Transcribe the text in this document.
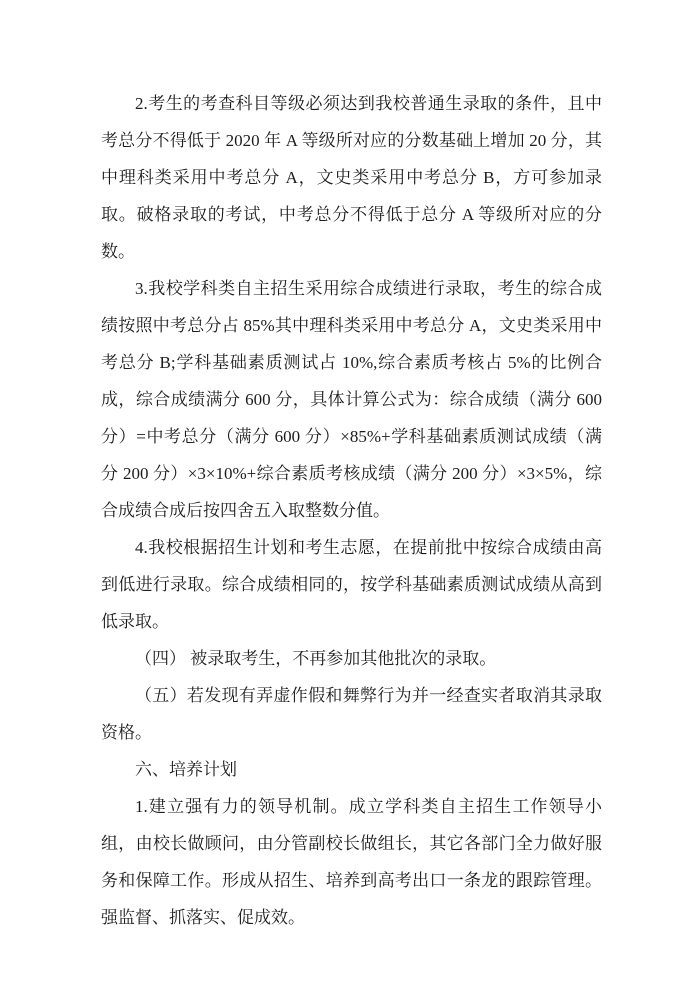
2.考生的考查科目等级必须达到我校普通生录取的条件，且中考总分不得低于 2020 年 A 等级所对应的分数基础上增加 20 分，其中理科类采用中考总分 A，文史类采用中考总分 B，方可参加录取。破格录取的考试，中考总分不得低于总分 A 等级所对应的分数。

3.我校学科类自主招生采用综合成绩进行录取，考生的综合成绩按照中考总分占 85%其中理科类采用中考总分 A，文史类采用中考总分 B;学科基础素质测试占 10%,综合素质考核占 5%的比例合成，综合成绩满分 600 分，具体计算公式为：综合成绩（满分 600 分）=中考总分（满分 600 分）×85%+学科基础素质测试成绩（满分 200 分）×3×10%+综合素质考核成绩（满分 200 分）×3×5%，综合成绩合成后按四舍五入取整数分值。

4.我校根据招生计划和考生志愿，在提前批中按综合成绩由高到低进行录取。综合成绩相同的，按学科基础素质测试成绩从高到低录取。

（四） 被录取考生，不再参加其他批次的录取。

（五）若发现有弄虚作假和舞弊行为并一经查实者取消其录取资格。

六、培养计划

1.建立强有力的领导机制。成立学科类自主招生工作领导小组，由校长做顾问，由分管副校长做组长，其它各部门全力做好服务和保障工作。形成从招生、培养到高考出口一条龙的跟踪管理。强监督、抓落实、促成效。
